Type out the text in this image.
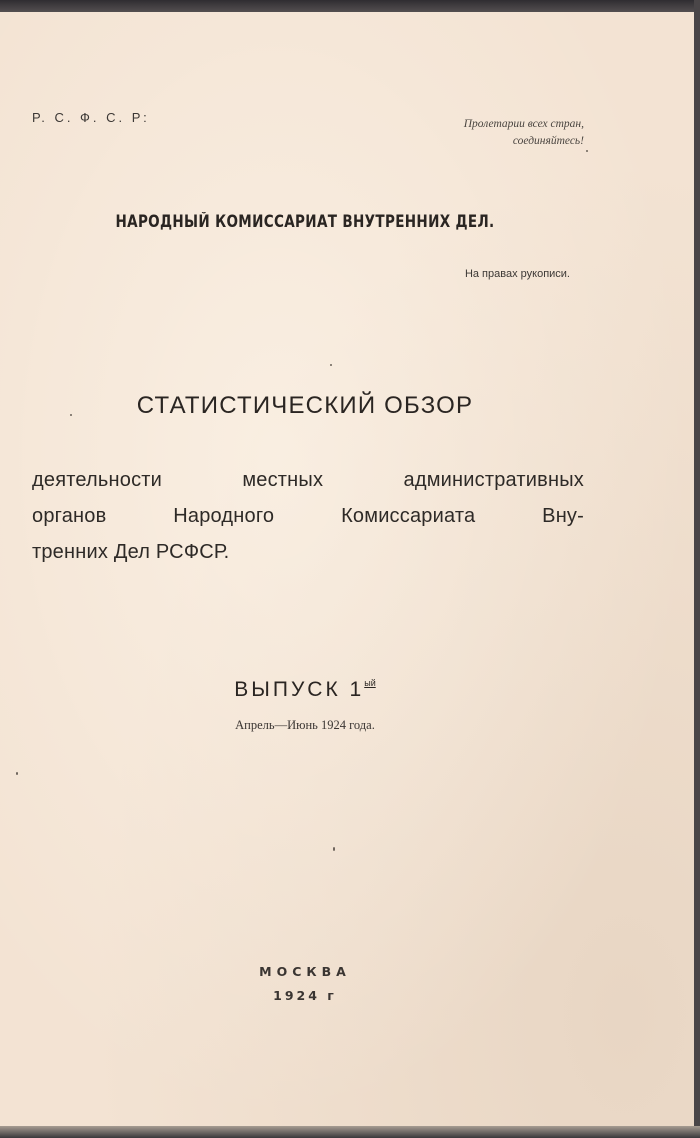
Р. С. Ф. С. Р:	Пролетарии всех стран,
соединяйтесь!
НАРОДНЫЙ КОМИССАРИАТ ВНУТРЕННИХ ДЕЛ.
На правах рукописи.
СТАТИСТИЧЕСКИЙ ОБЗОР
деятельности местных административных
органов Народного Комиссариата Вну-
тренних Дел РСФСР.
ВЫПУСК $1^{ый}$
Апрель—Июнь 1924 года.
МОСКВА
1924 г
